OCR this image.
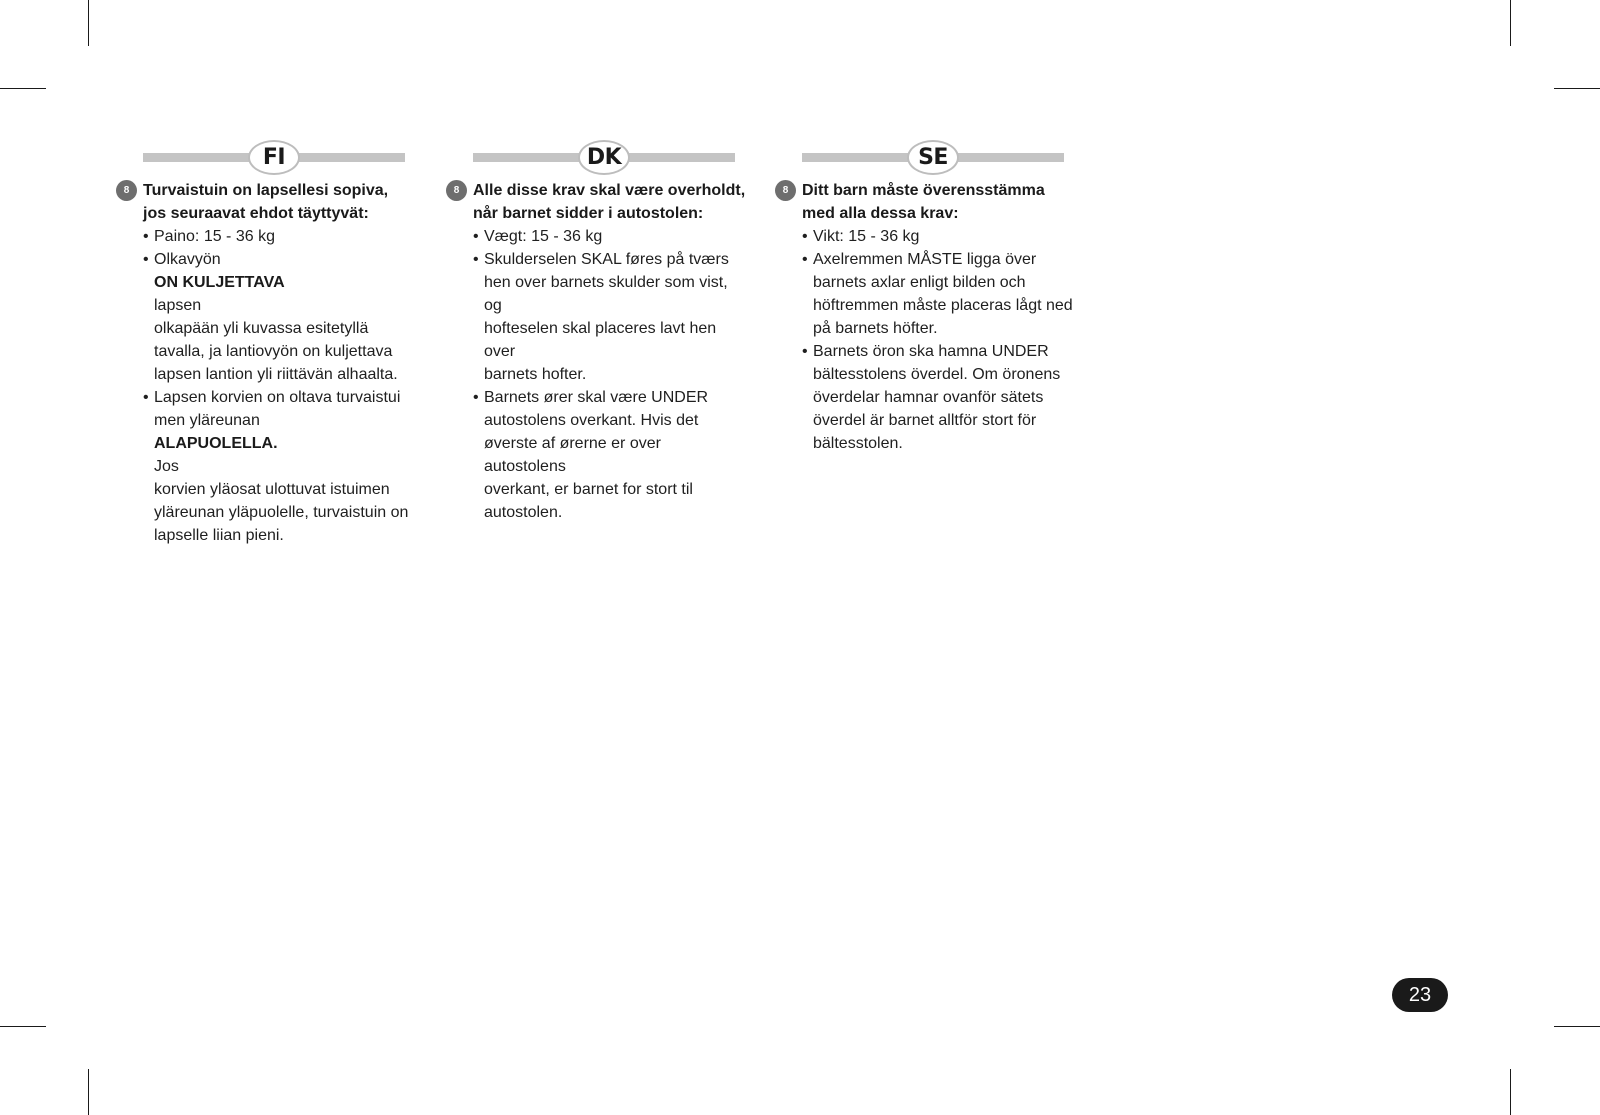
FI
8 Turvaistuin on lapsellesi sopiva,
jos seuraavat ehdot täyttyvät:
• Paino: 15 - 36 kg
• Olkavyön
ON KULJETTAVA
lapsen
olkapään yli kuvassa esitetyllä
tavalla, ja lantiovyön on kuljettava
lapsen lantion yli riittävän alhaalta.
• Lapsen korvien on oltava turvaistui
men yläreunan
ALAPUOLELLA.
Jos
korvien yläosat ulottuvat istuimen
yläreunan yläpuolelle, turvaistuin on
lapselle liian pieni.
DK
8 Alle disse krav skal være overholdt,
når barnet sidder i autostolen:
• Vægt: 15 - 36 kg
• Skulderselen SKAL føres på tværs
hen over barnets skulder som vist, og
hofteselen skal placeres lavt hen over
barnets hofter.
• Barnets ører skal være UNDER
autostolens overkant. Hvis det
øverste af ørerne er over autostolens
overkant, er barnet for stort til
autostolen.
SE
8 Ditt barn måste överensstämma
med alla dessa krav:
• Vikt: 15 - 36 kg
• Axelremmen MÅSTE ligga över
barnets axlar enligt bilden och
höftremmen måste placeras lågt ned
på barnets höfter.
• Barnets öron ska hamna UNDER
bältesstolens överdel. Om öronens
överdelar hamnar ovanför sätets
överdel är barnet alltför stort för
bältesstolen.
23
